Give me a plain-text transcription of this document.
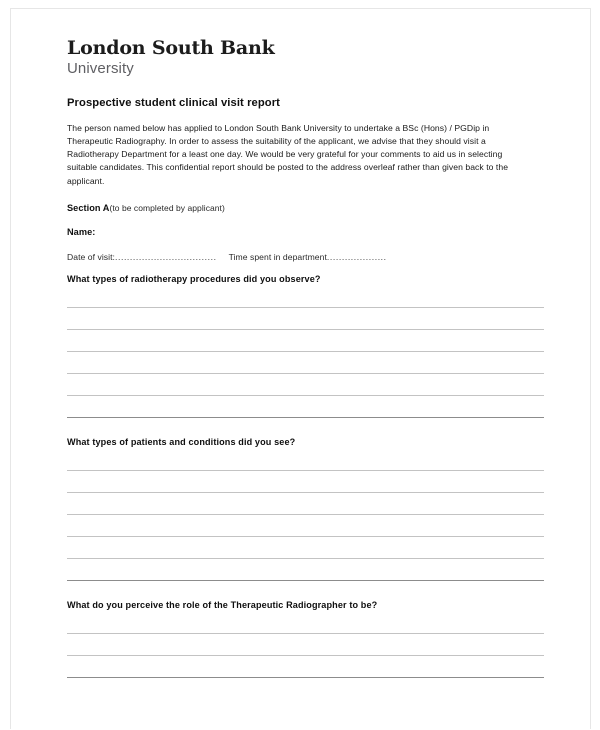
London South Bank
University
Prospective student clinical visit report

The person named below has applied to London South Bank University to undertake a BSc (Hons) / PGDip in Therapeutic Radiography. In order to assess the suitability of the applicant, we advise that they should visit a Radiotherapy Department for a least one day. We would be very grateful for your comments to aid us in selecting suitable candidates. This confidential report should be posted to the address overleaf rather than given back to the applicant.

Section A(to be completed by applicant)
Name:
Date of visit:.................................. Time spent in department....................
What types of radiotherapy procedures did you observe?
What types of patients and conditions did you see?
What do you perceive the role of the Therapeutic Radiographer to be?
